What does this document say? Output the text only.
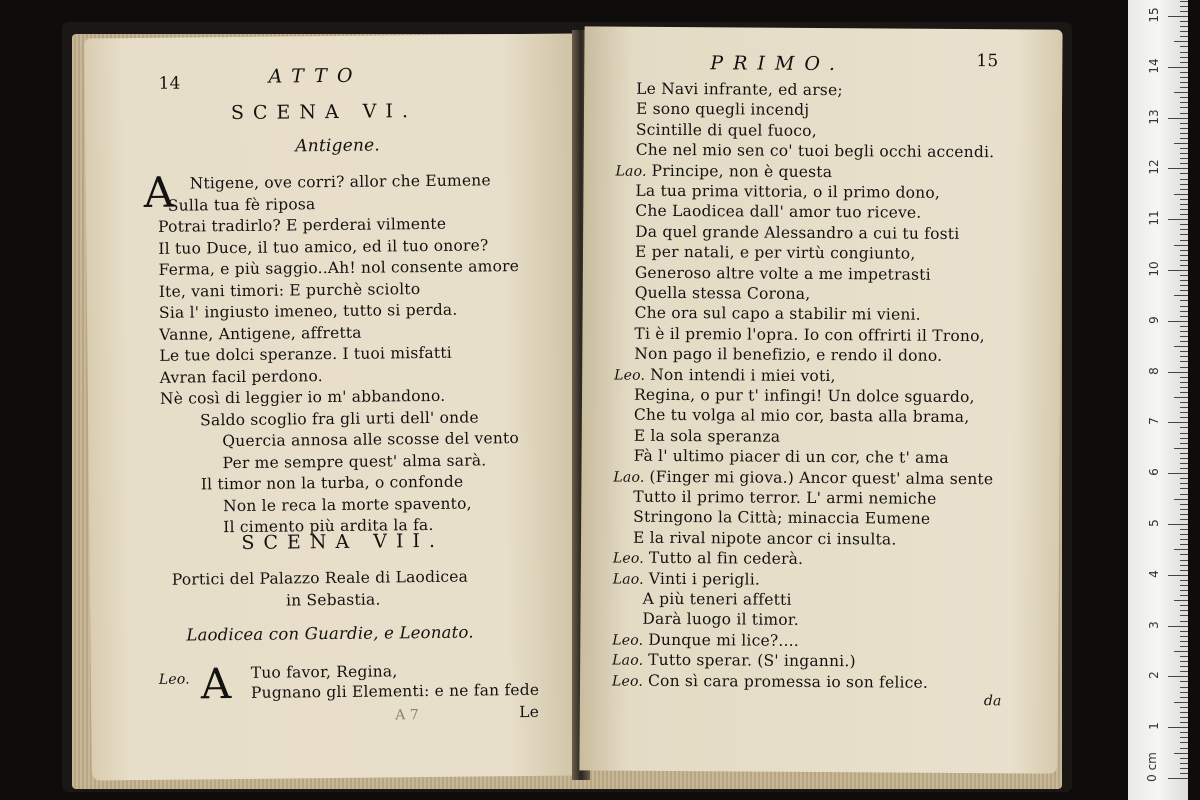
14	ATTO
SCENA VI.
Antigene.
A Ntigene, ove corri? allor che Eumene
Sulla tua fè riposa
Potrai tradirlo? E perderai vilmente
Il tuo Duce, il tuo amico, ed il tuo onore?
Ferma, e più saggio..Ah! nol consente amore
Ite, vani timori: E purchè sciolto
Sia l' ingiusto imeneo, tutto si perda.
Vanne, Antigene, affretta
Le tue dolci speranze. I tuoi misfatti
Avran facil perdono.
Nè così di leggier io m' abbandono.
Saldo scoglio fra gli urti dell' onde
Quercia annosa alle scosse del vento
Per me sempre quest' alma sarà.
Il timor non la turba, o confonde
Non le reca la morte spavento,
Il cimento più ardita la fa.
SCENA VII.
Portici del Palazzo Reale di Laodicea
in Sebastia.
Laodicea con Guardie, e Leonato.
Leo. A Tuo favor, Regina,
Pugnano gli Elementi: e ne fan fede
Le
A 7
PRIMO.	15
Le Navi infrante, ed arse;
E sono quegli incendj
Scintille di quel fuoco,
Che nel mio sen co' tuoi begli occhi accendi.
Lao. Principe, non è questa
La tua prima vittoria, o il primo dono,
Che Laodicea dall' amor tuo riceve.
Da quel grande Alessandro a cui tu fosti
E per natali, e per virtù congiunto,
Generoso altre volte a me impetrasti
Quella stessa Corona,
Che ora sul capo a stabilir mi vieni.
Ti è il premio l'opra. Io con offrirti il Trono,
Non pago il benefizio, e rendo il dono.
Leo. Non intendi i miei voti,
Regina, o pur t' infingi! Un dolce sguardo,
Che tu volga al mio cor, basta alla brama,
E la sola speranza
Fà l' ultimo piacer di un cor, che t' ama
Lao. (Finger mi giova.) Ancor quest' alma sente
Tutto il primo terror. L' armi nemiche
Stringono la Città; minaccia Eumene
E la rival nipote ancor ci insulta.
Leo. Tutto al fin cederà.
Lao. Vinti i perigli.
A più teneri affetti
Darà luogo il timor.
Leo. Dunque mi lice?....
Lao. Tutto sperar. (S' inganni.)
Leo. Con sì cara promessa io son felice.
da
0 cm
1
2
3
4
5
6
7
8
9
10
11
12
13
14
15
